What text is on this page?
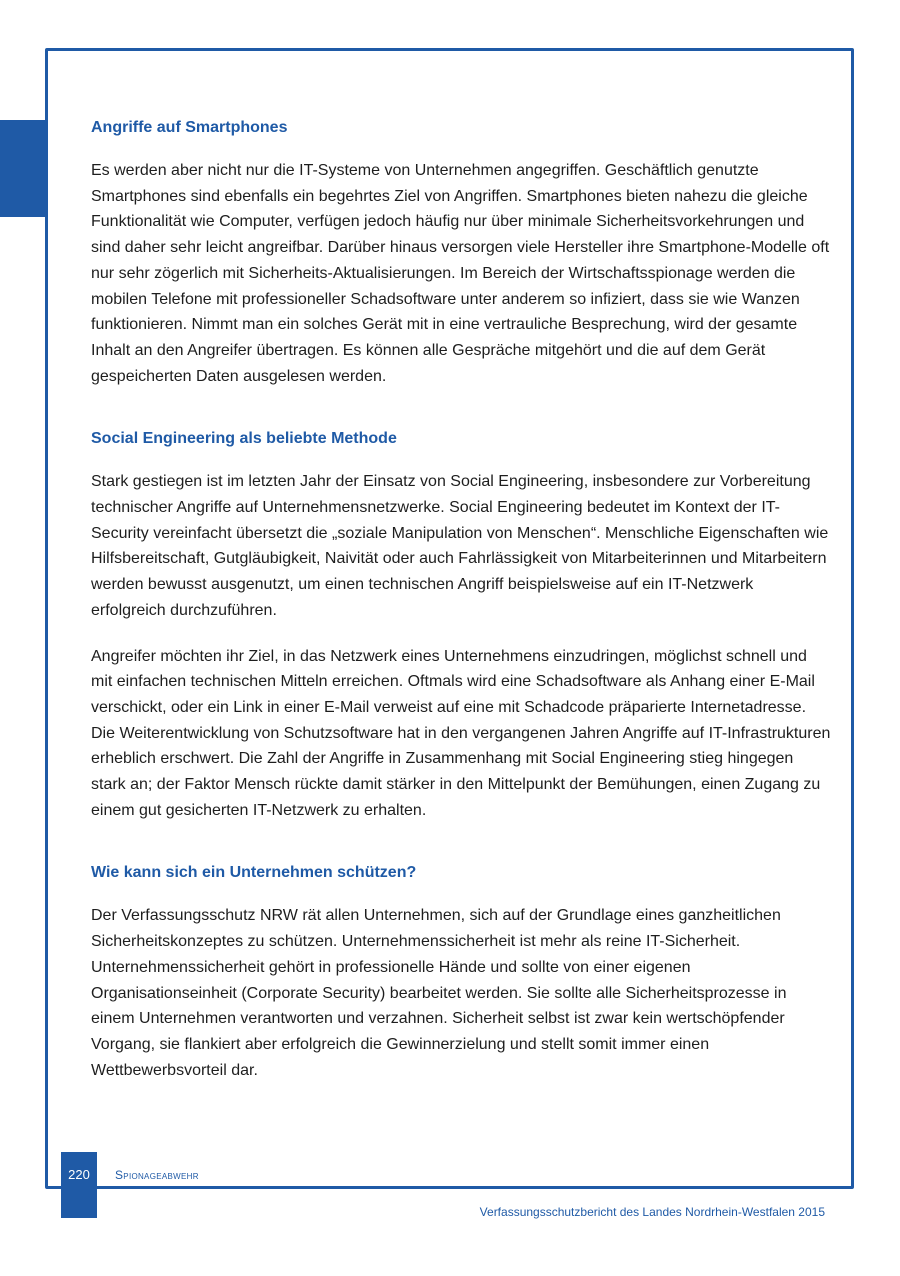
Angriffe auf Smartphones

Es werden aber nicht nur die IT-Systeme von Unternehmen angegriffen. Geschäftlich genutzte Smartphones sind ebenfalls ein begehrtes Ziel von Angriffen. Smartphones bieten nahezu die gleiche Funktionalität wie Computer, verfügen jedoch häufig nur über minimale Sicherheitsvorkehrungen und sind daher sehr leicht angreifbar. Darüber hinaus versorgen viele Hersteller ihre Smartphone-Modelle oft nur sehr zögerlich mit Sicherheits-Aktualisierungen. Im Bereich der Wirtschaftsspionage werden die mobilen Telefone mit professioneller Schadsoftware unter anderem so infiziert, dass sie wie Wanzen funktionieren. Nimmt man ein solches Gerät mit in eine vertrauliche Besprechung, wird der gesamte Inhalt an den Angreifer übertragen. Es können alle Gespräche mitgehört und die auf dem Gerät gespeicherten Daten ausgelesen werden.

Social Engineering als beliebte Methode

Stark gestiegen ist im letzten Jahr der Einsatz von Social Engineering, insbesondere zur Vorbereitung technischer Angriffe auf Unternehmensnetzwerke. Social Engineering bedeutet im Kontext der IT-Security vereinfacht übersetzt die „soziale Manipulation von Menschen“. Menschliche Eigenschaften wie Hilfsbereitschaft, Gutgläubigkeit, Naivität oder auch Fahrlässigkeit von Mitarbeiterinnen und Mitarbeitern werden bewusst ausgenutzt, um einen technischen Angriff beispielsweise auf ein IT-Netzwerk erfolgreich durchzuführen.

Angreifer möchten ihr Ziel, in das Netzwerk eines Unternehmens einzudringen, möglichst schnell und mit einfachen technischen Mitteln erreichen. Oftmals wird eine Schadsoftware als Anhang einer E-Mail verschickt, oder ein Link in einer E-Mail verweist auf eine mit Schadcode präparierte Internetadresse. Die Weiterentwicklung von Schutzsoftware hat in den vergangenen Jahren Angriffe auf IT-Infrastrukturen erheblich erschwert. Die Zahl der Angriffe in Zusammenhang mit Social Engineering stieg hingegen stark an; der Faktor Mensch rückte damit stärker in den Mittelpunkt der Bemühungen, einen Zugang zu einem gut gesicherten IT-Netzwerk zu erhalten.

Wie kann sich ein Unternehmen schützen?

Der Verfassungsschutz NRW rät allen Unternehmen, sich auf der Grundlage eines ganzheitlichen Sicherheitskonzeptes zu schützen. Unternehmenssicherheit ist mehr als reine IT-Sicherheit. Unternehmenssicherheit gehört in professionelle Hände und sollte von einer eigenen Organisationseinheit (Corporate Security) bearbeitet werden. Sie sollte alle Sicherheitsprozesse in einem Unternehmen verantworten und verzahnen. Sicherheit selbst ist zwar kein wertschöpfender Vorgang, sie flankiert aber erfolgreich die Gewinnerzielung und stellt somit immer einen Wettbewerbsvorteil dar.

220	Spionageabwehr
Verfassungsschutzbericht des Landes Nordrhein-Westfalen 2015
